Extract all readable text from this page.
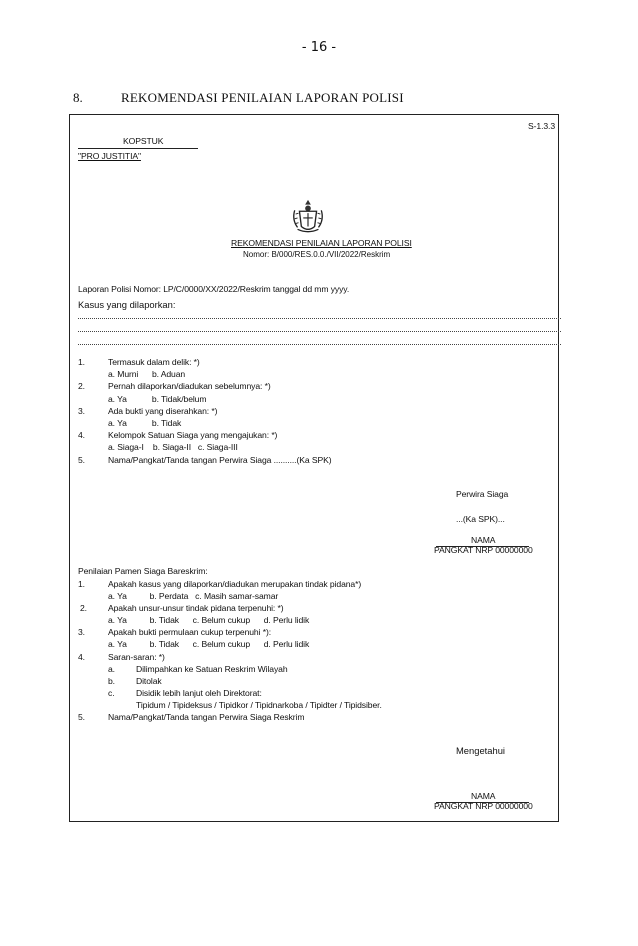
- 16 -
8.	REKOMENDASI PENILAIAN LAPORAN POLISI
S-1.3.3
KOPSTUK
"PRO JUSTITIA"
REKOMENDASI PENILAIAN LAPORAN POLISI
Nomor: B/000/RES.0.0./VII/2022/Reskrim
Laporan Polisi Nomor: LP/C/0000/XX/2022/Reskrim tanggal dd mm yyyy.
Kasus yang dilaporkan:
1.	Termasuk dalam delik: *)
a. Murni      b. Aduan
2.	Pernah dilaporkan/diadukan sebelumnya: *)
a. Ya           b. Tidak/belum
3.	Ada bukti yang diserahkan: *)
a. Ya           b. Tidak
4.	Kelompok Satuan Siaga yang mengajukan: *)
a. Siaga-I    b. Siaga-II   c. Siaga-III
5.	Nama/Pangkat/Tanda tangan Perwira Siaga ..........(Ka SPK)
Perwira Siaga
...(Ka SPK)...
NAMA
PANGKAT NRP 00000000
Penilaian Pamen Siaga Bareskrim:
1.	Apakah kasus yang dilaporkan/diadukan merupakan tindak pidana*)
a. Ya          b. Perdata   c. Masih samar-samar
2. Apakah unsur-unsur tindak pidana terpenuhi: *)
a. Ya          b. Tidak      c. Belum cukup      d. Perlu lidik
3.	Apakah bukti permulaan cukup terpenuhi *):
a. Ya          b. Tidak      c. Belum cukup      d. Perlu lidik
4.	Saran-saran: *)
a. Dilimpahkan ke Satuan Reskrim Wilayah
b. Ditolak
c.	Disidik lebih lanjut oleh Direktorat:
Tipidum / Tipideksus / Tipidkor / Tipidnarkoba / Tipidter / Tipidsiber.
5.	Nama/Pangkat/Tanda tangan Perwira Siaga Reskrim
Mengetahui
NAMA
PANGKAT NRP 00000000
